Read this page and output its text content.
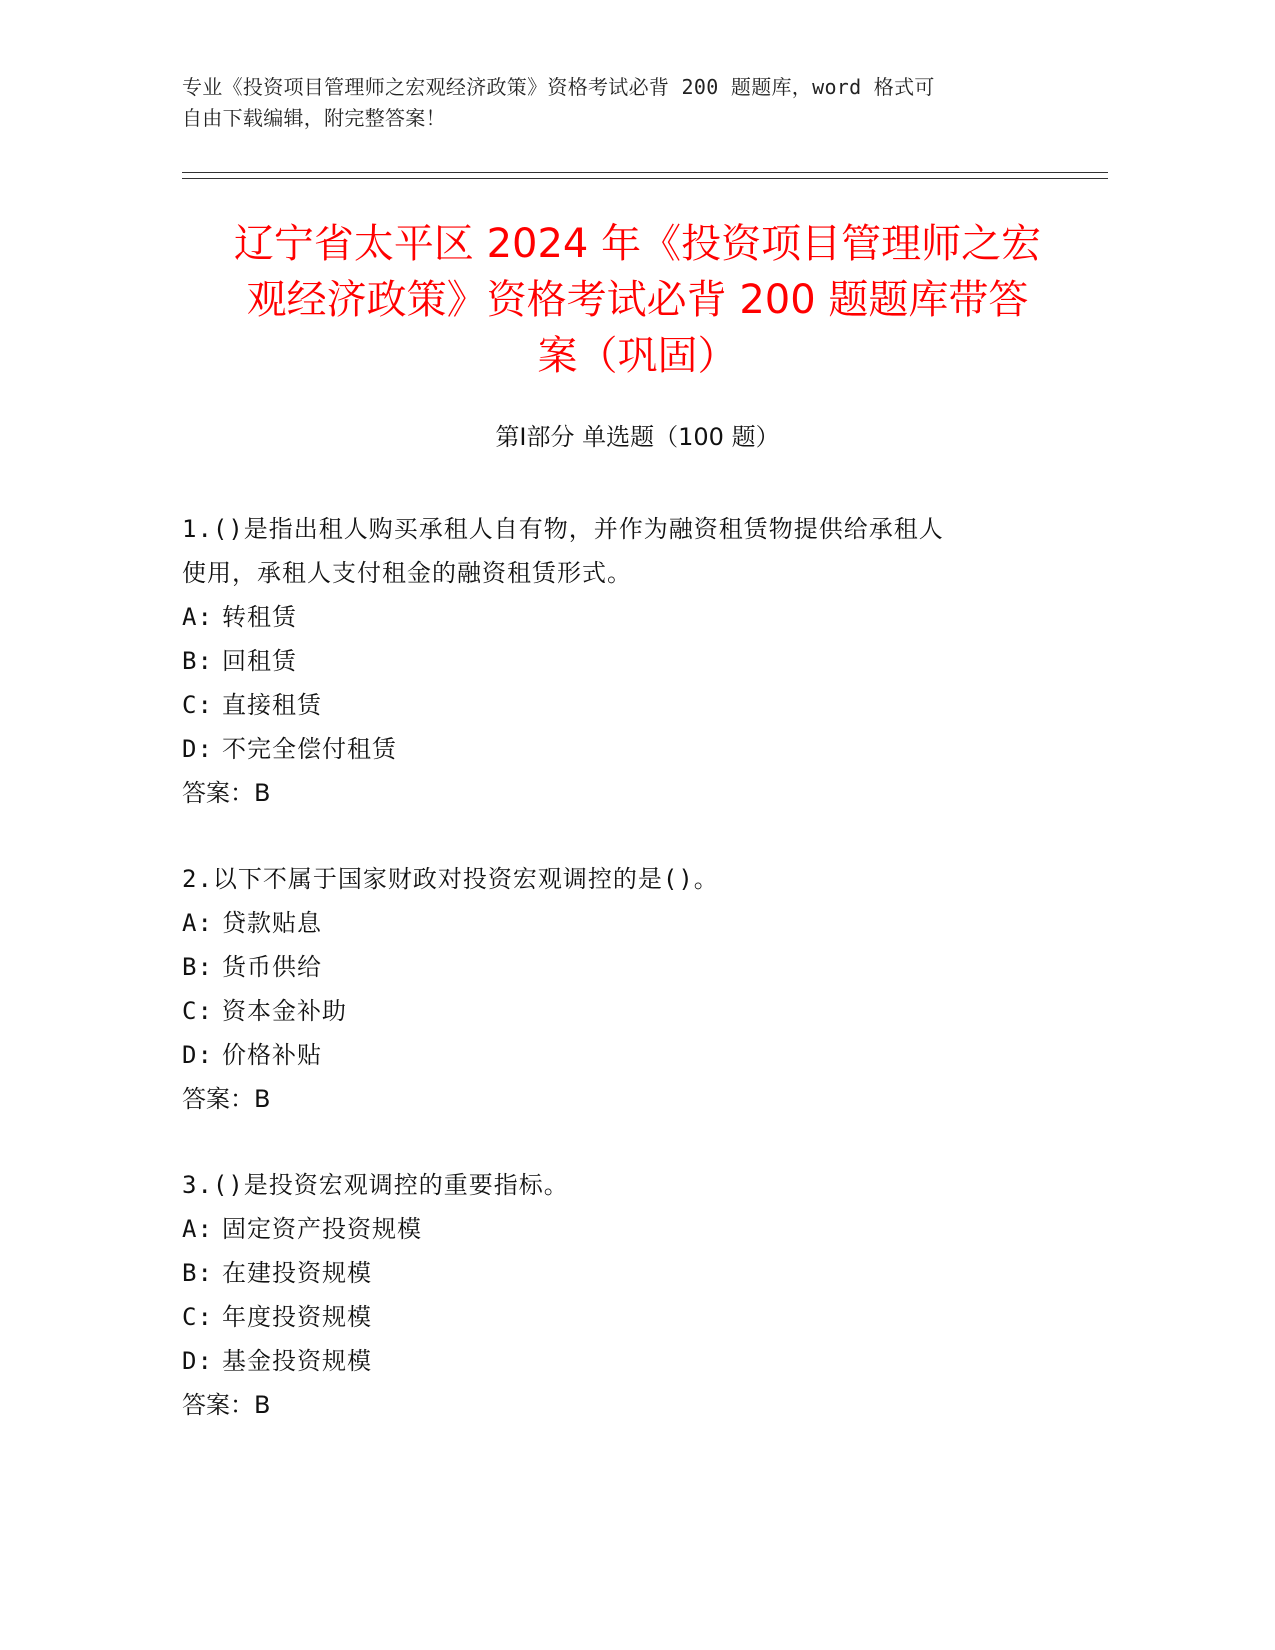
专业《投资项目管理师之宏观经济政策》资格考试必背 200 题题库，word 格式可
自由下载编辑，附完整答案！
辽宁省太平区 2024 年《投资项目管理师之宏
观经济政策》资格考试必背 200 题题库带答
案（巩固）
第Ⅰ部分 单选题（100 题）

1.()是指出租人购买承租人自有物，并作为融资租赁物提供给承租人

使用，承租人支付租金的融资租赁形式。

A: 转租赁

B: 回租赁

C: 直接租赁

D: 不完全偿付租赁

答案：B

2.以下不属于国家财政对投资宏观调控的是()。

A: 贷款贴息

B: 货币供给

C: 资本金补助

D: 价格补贴

答案：B

3.()是投资宏观调控的重要指标。

A: 固定资产投资规模

B: 在建投资规模

C: 年度投资规模

D: 基金投资规模

答案：B
